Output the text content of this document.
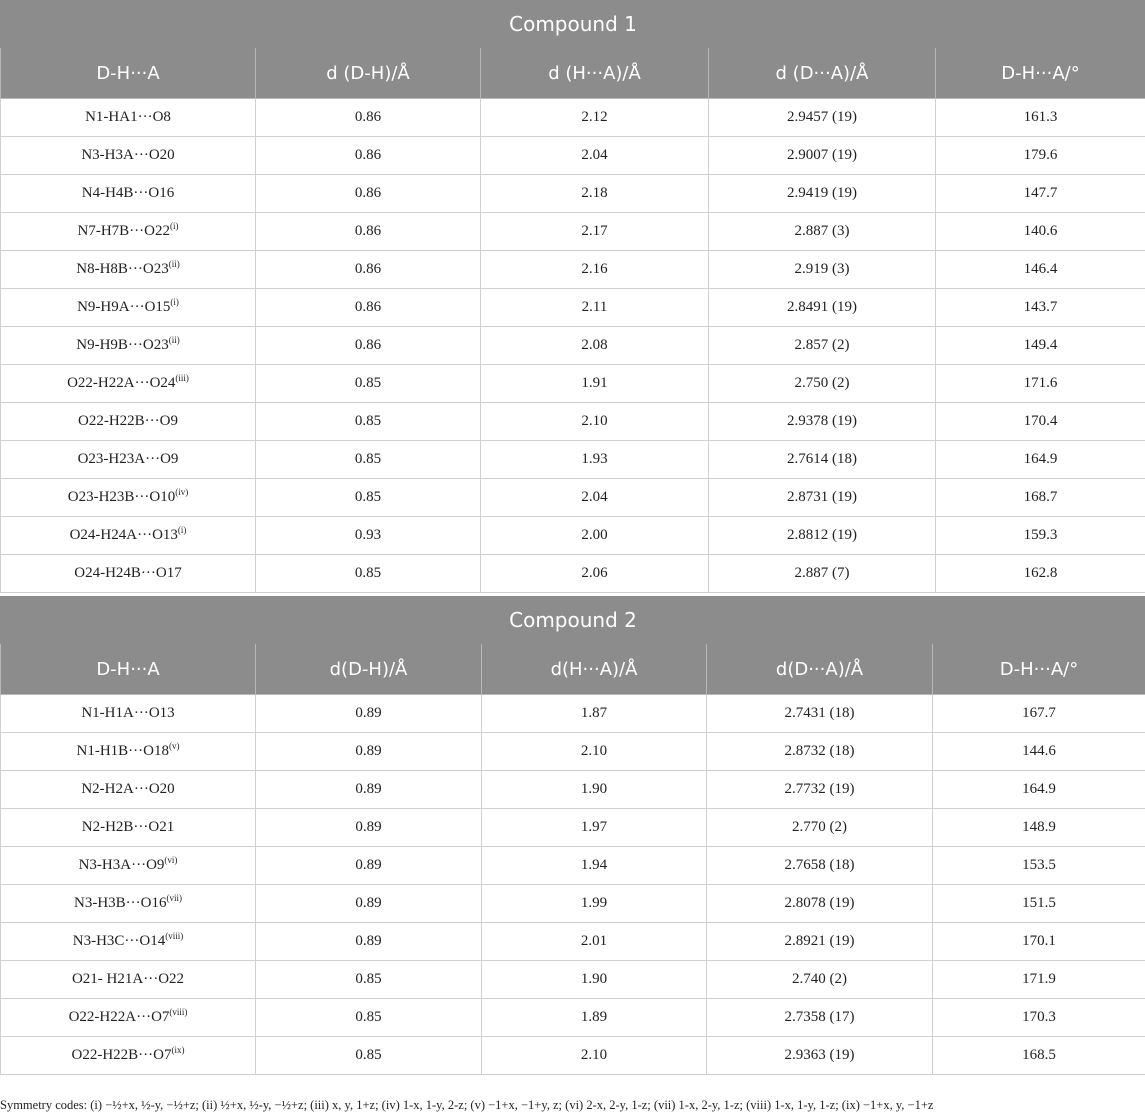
Compound 1				
D-H···A	d (D-H)/Å	d (H···A)/Å	d (D···A)/Å	D-H···A/°
N1-HA1···O8	0.86	2.12	2.9457 (19)	161.3
N3-H3A···O20	0.86	2.04	2.9007 (19)	179.6
N4-H4B···O16	0.86	2.18	2.9419 (19)	147.7
$N7-H7B\cdot\cdot\cdot O22^{(i)}$	0.86	2.17	2.887 (3)	140.6
$N8-H8B\cdot\cdot\cdot O23^{(ii)}$	0.86	2.16	2.919 (3)	146.4
$N9-H9A\cdot\cdot\cdot O15^{(i)}$	0.86	2.11	2.8491 (19)	143.7
$N9-H9B\cdot\cdot\cdot O23^{(ii)}$	0.86	2.08	2.857 (2)	149.4
$O22-H22A\cdot\cdot\cdot O24^{(iii)}$	0.85	1.91	2.750 (2)	171.6
O22-H22B···O9	0.85	2.10	2.9378 (19)	170.4
O23-H23A···O9	0.85	1.93	2.7614 (18)	164.9
$O23-H23B\cdot\cdot\cdot O10^{(iv)}$	0.85	2.04	2.8731 (19)	168.7
$O24-H24A\cdot\cdot\cdot O13^{(i)}$	0.93	2.00	2.8812 (19)	159.3
O24-H24B···O17	0.85	2.06	2.887 (7)	162.8
Compound 2				
D-H···A	d(D-H)/Å	d(H···A)/Å	d(D···A)/Å	D-H···A/°
N1-H1A···O13	0.89	1.87	2.7431 (18)	167.7
$N1-H1B\cdot\cdot\cdot O18^{(v)}$	0.89	2.10	2.8732 (18)	144.6
N2-H2A···O20	0.89	1.90	2.7732 (19)	164.9
N2-H2B···O21	0.89	1.97	2.770 (2)	148.9
$N3-H3A\cdot\cdot\cdot O9^{(vi)}$	0.89	1.94	2.7658 (18)	153.5
$N3-H3B\cdot\cdot\cdot O16^{(vii)}$	0.89	1.99	2.8078 (19)	151.5
$N3-H3C\cdot\cdot\cdot O14^{(viii)}$	0.89	2.01	2.8921 (19)	170.1
O21- H21A···O22	0.85	1.90	2.740 (2)	171.9
$O22-H22A\cdot\cdot\cdot O7^{(viii)}$	0.85	1.89	2.7358 (17)	170.3
$O22-H22B\cdot\cdot\cdot O7^{(ix)}$	0.85	2.10	2.9363 (19)	168.5
Symmetry codes: (i) −½+x, ½-y, −½+z; (ii) ½+x, ½-y, −½+z; (iii) x, y, 1+z; (iv) 1-x, 1-y, 2-z; (v) −1+x, −1+y, z; (vi) 2-x, 2-y, 1-z; (vii) 1-x, 2-y, 1-z; (viii) 1-x, 1-y, 1-z; (ix) −1+x, y, −1+z
